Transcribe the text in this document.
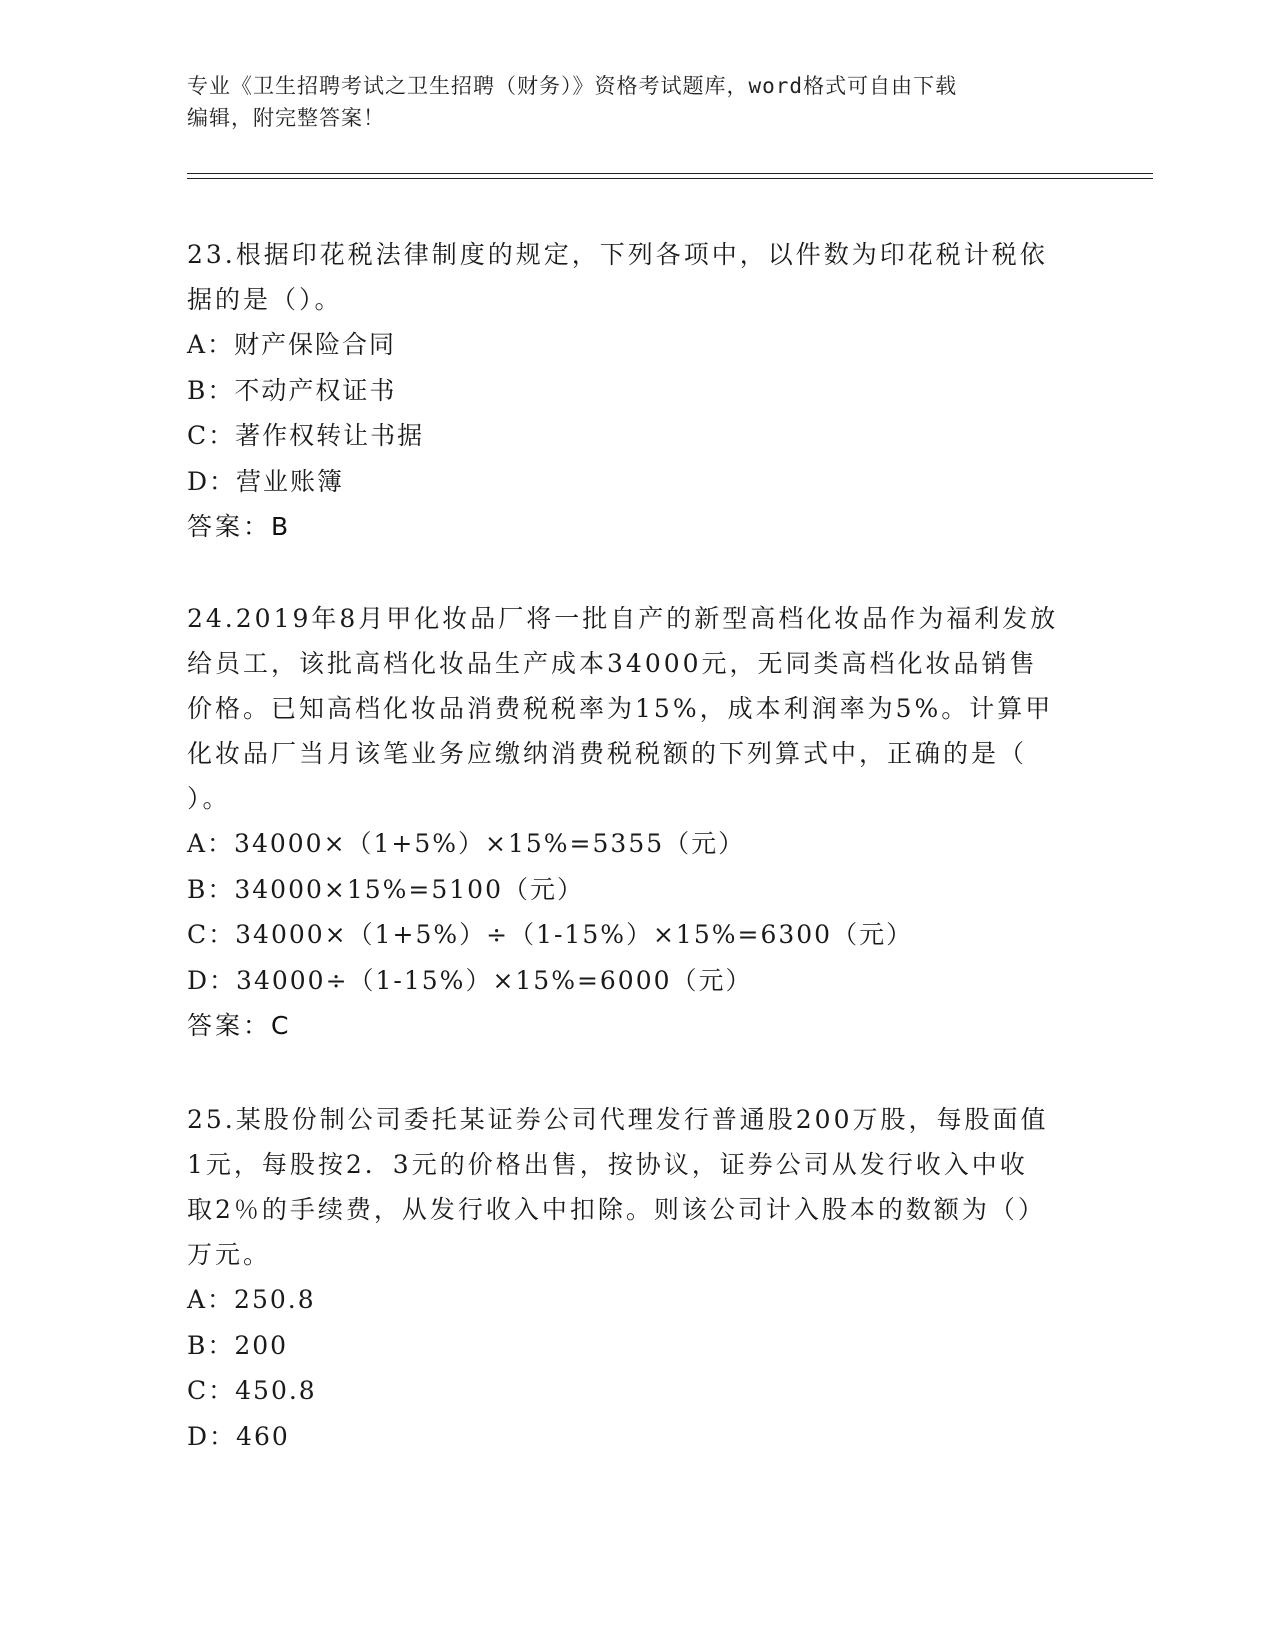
专业《卫生招聘考试之卫生招聘（财务）》资格考试题库，word格式可自由下载
编辑，附完整答案！

23.根据印花税法律制度的规定，下列各项中，以件数为印花税计税依

据的是（）。

A：财产保险合同

B：不动产权证书

C：著作权转让书据

D：营业账簿

答案：B

24.2019年8月甲化妆品厂将一批自产的新型高档化妆品作为福利发放

给员工，该批高档化妆品生产成本34000元，无同类高档化妆品销售

价格。已知高档化妆品消费税税率为15%，成本利润率为5%。计算甲

化妆品厂当月该笔业务应缴纳消费税税额的下列算式中，正确的是（

）。

A：34000×（1+5%）×15%=5355（元）

B：34000×15%=5100（元）

C：34000×（1+5%）÷（1-15%）×15%=6300（元）

D：34000÷（1-15%）×15%=6000（元）

答案：C

25.某股份制公司委托某证券公司代理发行普通股200万股，每股面值

1元，每股按2．3元的价格出售，按协议，证券公司从发行收入中收

取2％的手续费，从发行收入中扣除。则该公司计入股本的数额为（）

万元。

A：250.8

B：200

C：450.8

D：460
